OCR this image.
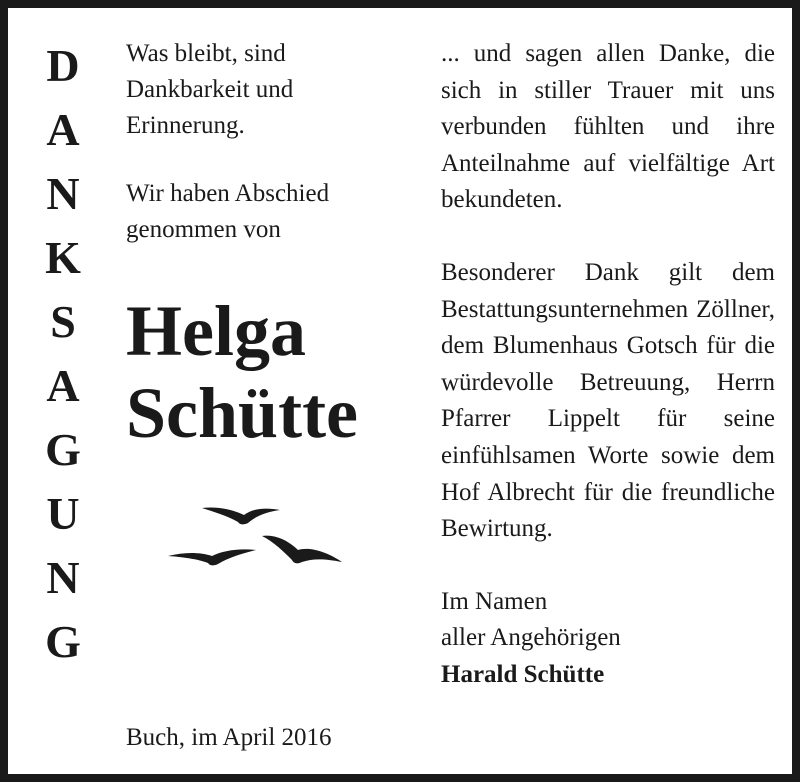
D
A
N
K
S
A
G
U
N
G
Was bleibt, sind
Dankbarkeit und
Erinnerung.
Wir haben Abschied
genommen von
Helga
Schütte
Buch, im April 2016

... und sagen allen Danke, die sich in stiller Trauer mit uns verbunden fühlten und ihre Anteilnahme auf vielfältige Art bekundeten.

Besonderer Dank gilt dem Bestattungsunternehmen Zöllner, dem Blumenhaus Gotsch für die würdevolle Betreuung, Herrn Pfarrer Lippelt für seine einfühlsamen Worte sowie dem Hof Albrecht für die freundliche Bewirtung.

Im Namen

aller Angehörigen

Harald Schütte
